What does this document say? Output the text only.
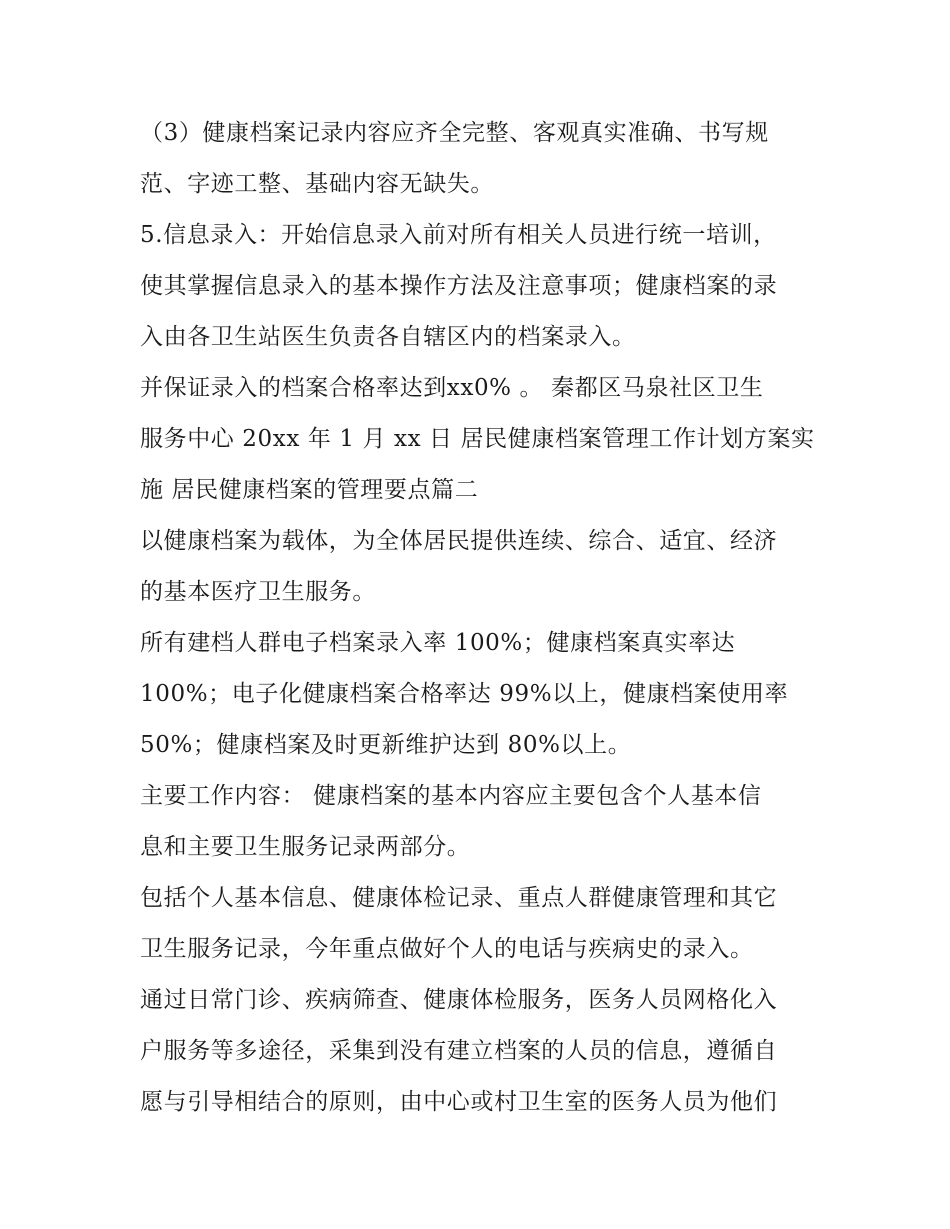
（3）健康档案记录内容应齐全完整、客观真实准确、书写规
范、字迹工整、基础内容无缺失。
5.信息录入：开始信息录入前对所有相关人员进行统一培训，
使其掌握信息录入的基本操作方法及注意事项；健康档案的录
入由各卫生站医生负责各自辖区内的档案录入。
并保证录入的档案合格率达到xx0% 。 秦都区马泉社区卫生
服务中心 20xx 年 1 月 xx 日 居民健康档案管理工作计划方案实
施 居民健康档案的管理要点篇二
以健康档案为载体，为全体居民提供连续、综合、适宜、经济
的基本医疗卫生服务。
所有建档人群电子档案录入率 100%；健康档案真实率达
100%；电子化健康档案合格率达 99%以上，健康档案使用率
50%；健康档案及时更新维护达到 80%以上。
主要工作内容： 健康档案的基本内容应主要包含个人基本信
息和主要卫生服务记录两部分。
包括个人基本信息、健康体检记录、重点人群健康管理和其它
卫生服务记录，今年重点做好个人的电话与疾病史的录入。
通过日常门诊、疾病筛查、健康体检服务，医务人员网格化入
户服务等多途径，采集到没有建立档案的人员的信息，遵循自
愿与引导相结合的原则，由中心或村卫生室的医务人员为他们
